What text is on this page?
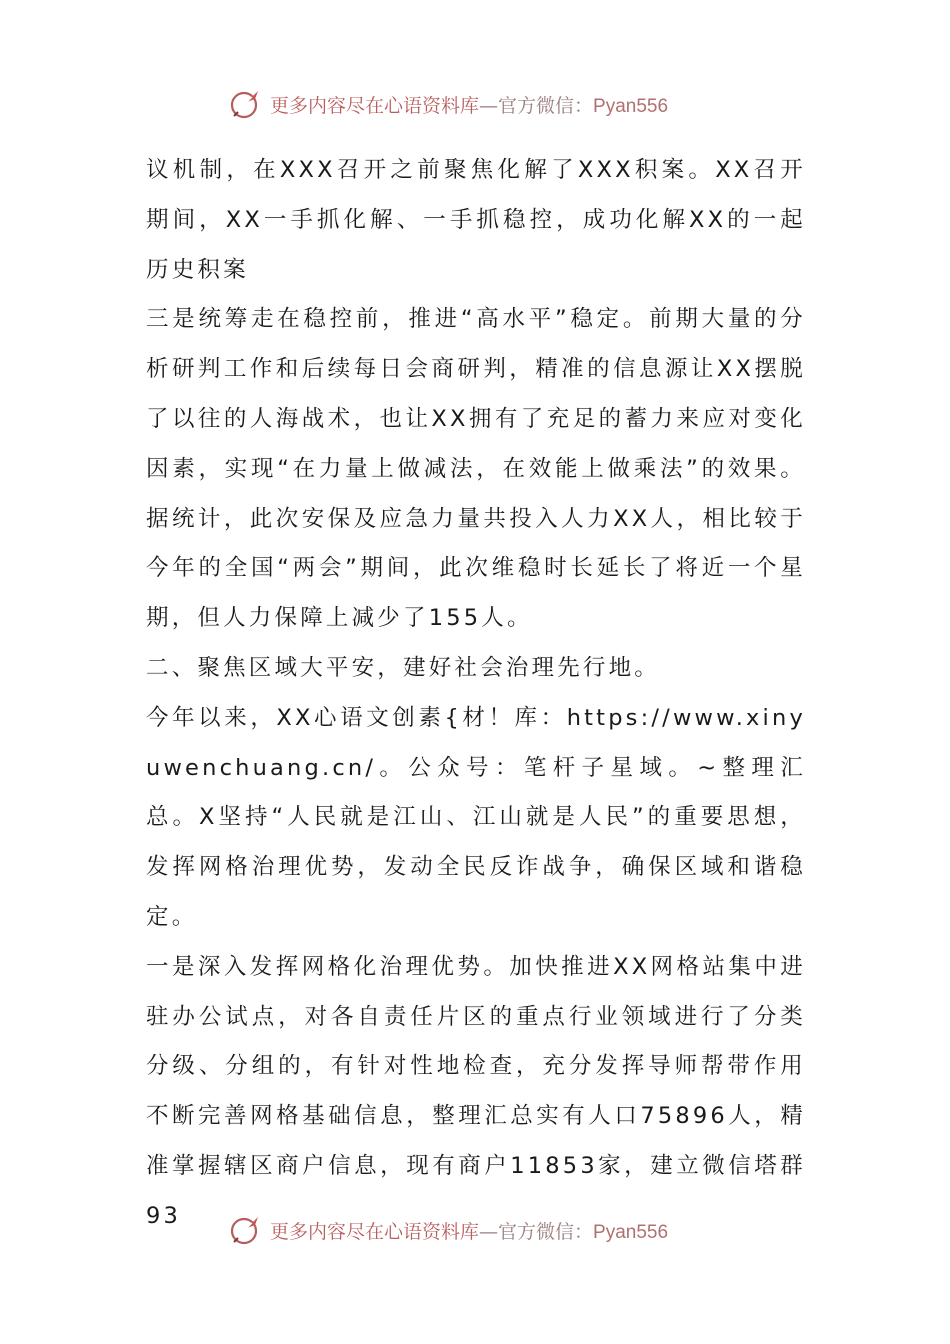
更多内容尽在心语资料库—官方微信：Pyan556

议机制，在XXX召开之前聚焦化解了XXX积案。XX召开期间，XX一手抓化解、一手抓稳控，成功化解XX的一起历史积案

三是统筹走在稳控前，推进“高水平”稳定。前期大量的分析研判工作和后续每日会商研判，精准的信息源让XX摆脱了以往的人海战术，也让XX拥有了充足的蓄力来应对变化因素，实现“在力量上做减法，在效能上做乘法”的效果。据统计，此次安保及应急力量共投入人力XX人，相比较于今年的全国“两会”期间，此次维稳时长延长了将近一个星期，但人力保障上减少了155人。

二、聚焦区域大平安，建好社会治理先行地。

今年以来，XX心语文创素{材！库：https://www.xinyuwenchuang.cn/。公众号：笔杆子星域。~整理汇总。X坚持“人民就是江山、江山就是人民”的重要思想，发挥网格治理优势，发动全民反诈战争，确保区域和谐稳定。

一是深入发挥网格化治理优势。加快推进XX网格站集中进驻办公试点，对各自责任片区的重点行业领域进行了分类分级、分组的，有针对性地检查，充分发挥导师帮带作用不断完善网格基础信息，整理汇总实有人口75896人，精准掌握辖区商户信息，现有商户11853家，建立微信塔群93

更多内容尽在心语资料库—官方微信：Pyan556
